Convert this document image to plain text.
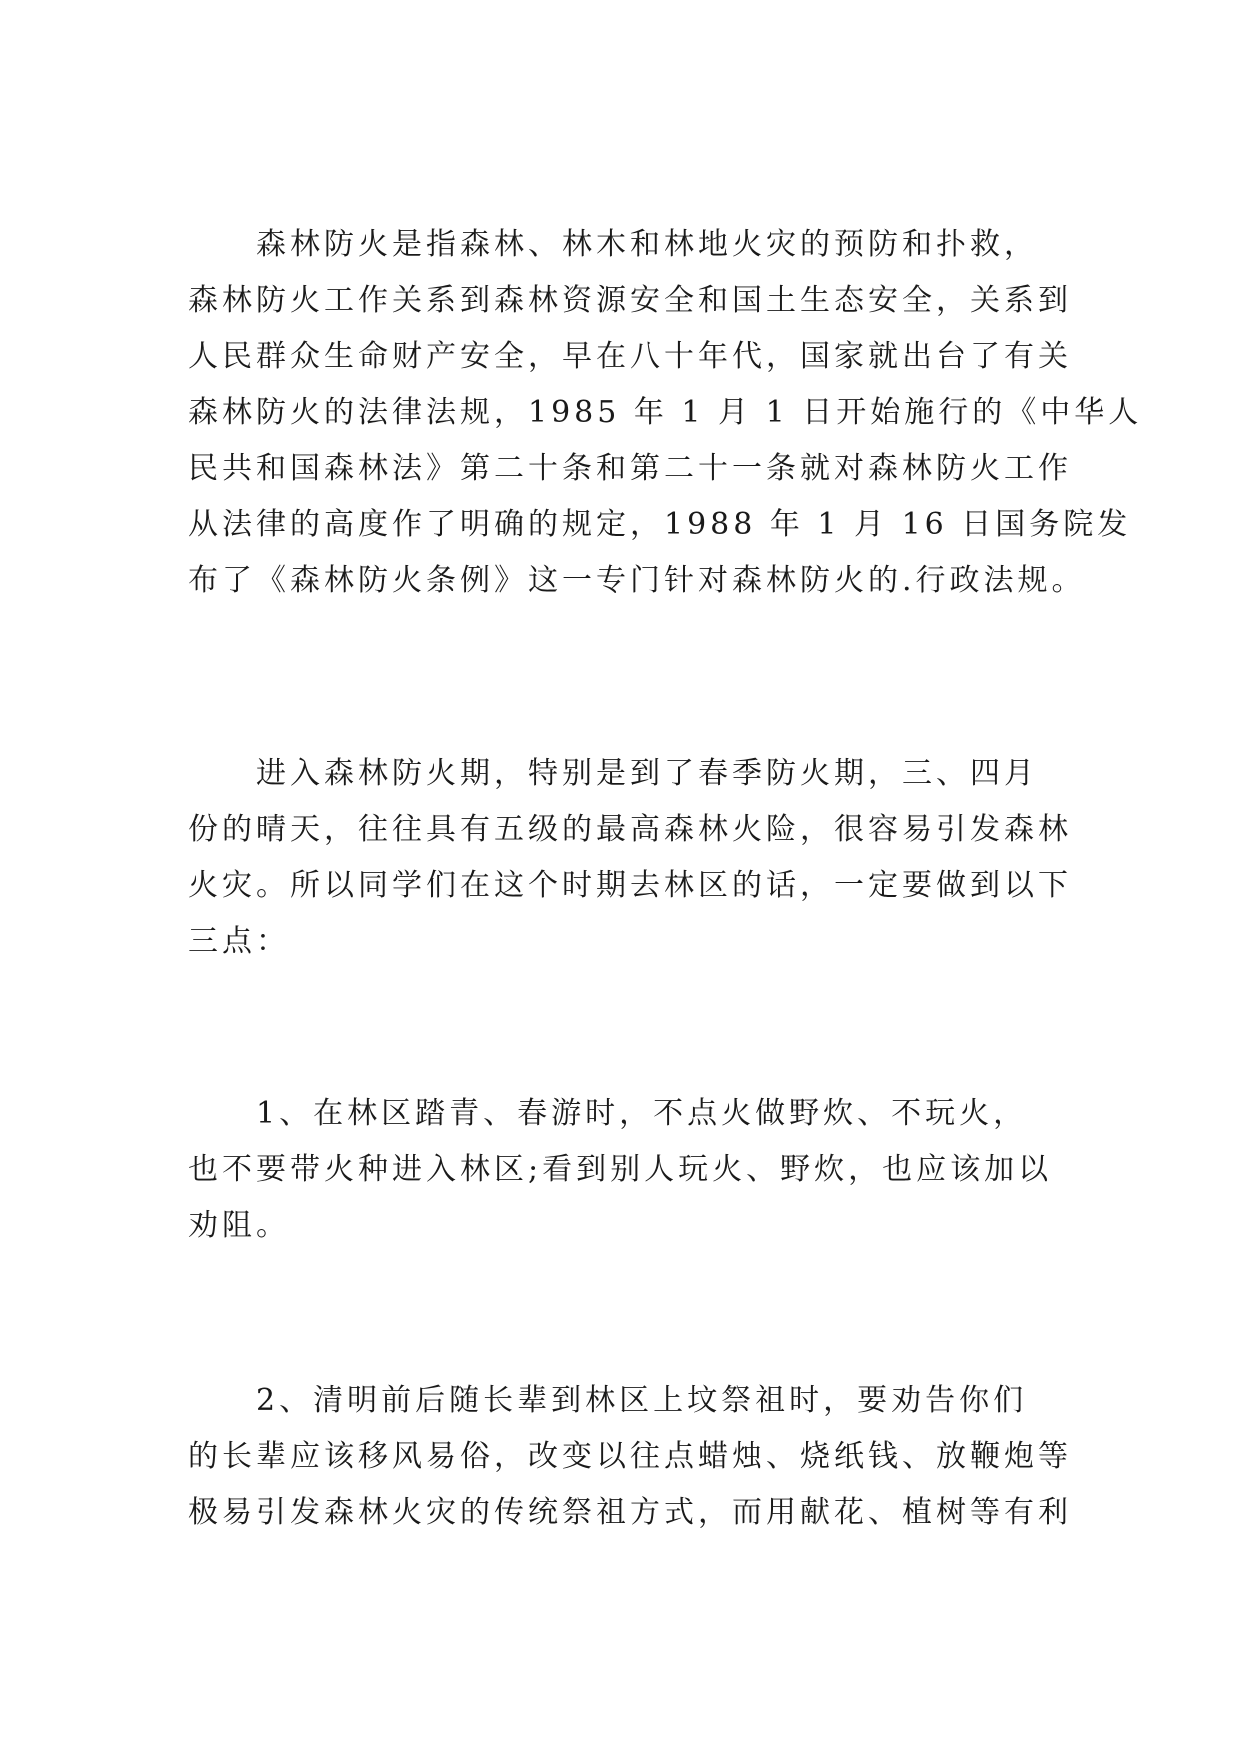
　　森林防火是指森林、林木和林地火灾的预防和扑救，
森林防火工作关系到森林资源安全和国土生态安全，关系到
人民群众生命财产安全，早在八十年代，国家就出台了有关
森林防火的法律法规，1985 年 1 月 1 日开始施行的《中华人
民共和国森林法》第二十条和第二十一条就对森林防火工作
从法律的高度作了明确的规定，1988 年 1 月 16 日国务院发
布了《森林防火条例》这一专门针对森林防火的.行政法规。

　　进入森林防火期，特别是到了春季防火期，三、四月
份的晴天，往往具有五级的最高森林火险，很容易引发森林
火灾。所以同学们在这个时期去林区的话，一定要做到以下
三点：

　　1、在林区踏青、春游时，不点火做野炊、不玩火，
也不要带火种进入林区;看到别人玩火、野炊，也应该加以
劝阻。

　　2、清明前后随长辈到林区上坟祭祖时，要劝告你们
的长辈应该移风易俗，改变以往点蜡烛、烧纸钱、放鞭炮等
极易引发森林火灾的传统祭祖方式，而用献花、植树等有利
